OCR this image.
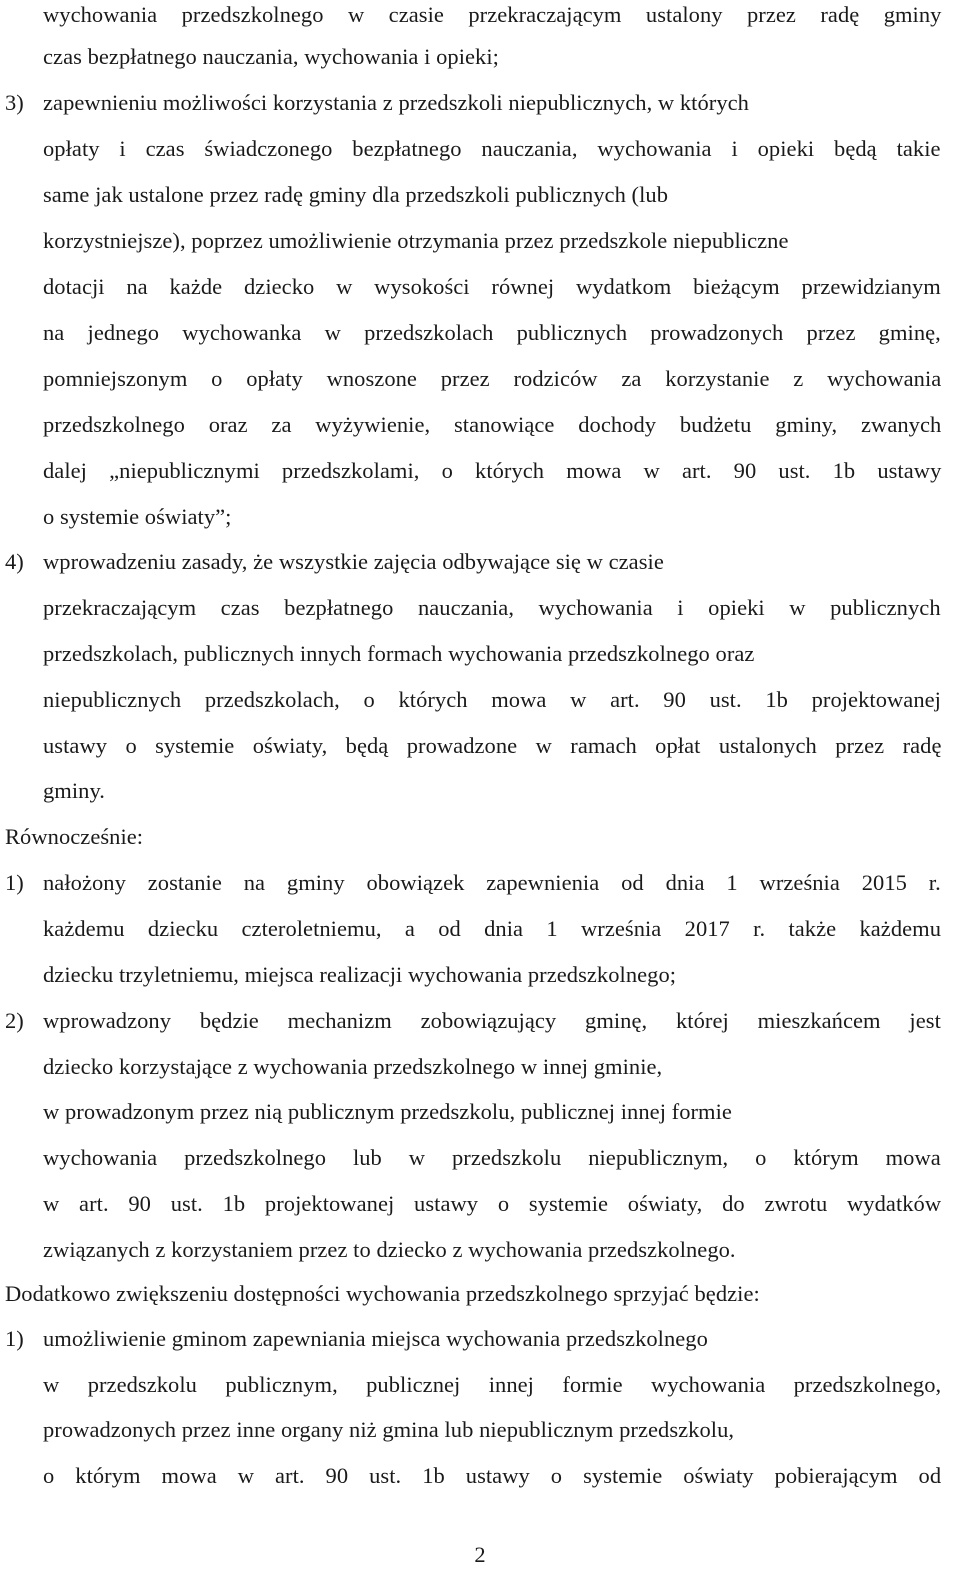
wychowania przedszkolnego w czasie przekraczającym ustalony przez radę gminy
czas bezpłatnego nauczania, wychowania i opieki;
3) zapewnieniu możliwości korzystania z przedszkoli niepublicznych, w których
opłaty i czas świadczonego bezpłatnego nauczania, wychowania i opieki będą takie
same jak ustalone przez radę gminy dla przedszkoli publicznych (lub
korzystniejsze), poprzez umożliwienie otrzymania przez przedszkole niepubliczne
dotacji na każde dziecko w wysokości równej wydatkom bieżącym przewidzianym
na jednego wychowanka w przedszkolach publicznych prowadzonych przez gminę,
pomniejszonym o opłaty wnoszone przez rodziców za korzystanie z wychowania
przedszkolnego oraz za wyżywienie, stanowiące dochody budżetu gminy, zwanych
dalej „niepublicznymi przedszkolami, o których mowa w art. 90 ust. 1b ustawy
o systemie oświaty”;
4) wprowadzeniu zasady, że wszystkie zajęcia odbywające się w czasie
przekraczającym czas bezpłatnego nauczania, wychowania i opieki w publicznych
przedszkolach, publicznych innych formach wychowania przedszkolnego oraz
niepublicznych przedszkolach, o których mowa w art. 90 ust. 1b projektowanej
ustawy o systemie oświaty, będą prowadzone w ramach opłat ustalonych przez radę
gminy.
Równocześnie:
1) nałożony zostanie na gminy obowiązek zapewnienia od dnia 1 września 2015 r.
każdemu dziecku czteroletniemu, a od dnia 1 września 2017 r. także każdemu
dziecku trzyletniemu, miejsca realizacji wychowania przedszkolnego;
2) wprowadzony będzie mechanizm zobowiązujący gminę, której mieszkańcem jest
dziecko korzystające z wychowania przedszkolnego w innej gminie,
w prowadzonym przez nią publicznym przedszkolu, publicznej innej formie
wychowania przedszkolnego lub w przedszkolu niepublicznym, o którym mowa
w art. 90 ust. 1b projektowanej ustawy o systemie oświaty, do zwrotu wydatków
związanych z korzystaniem przez to dziecko z wychowania przedszkolnego.
Dodatkowo zwiększeniu dostępności wychowania przedszkolnego sprzyjać będzie:
1) umożliwienie gminom zapewniania miejsca wychowania przedszkolnego
w przedszkolu publicznym, publicznej innej formie wychowania przedszkolnego,
prowadzonych przez inne organy niż gmina lub niepublicznym przedszkolu,
o którym mowa w art. 90 ust. 1b ustawy o systemie oświaty pobierającym od
2
